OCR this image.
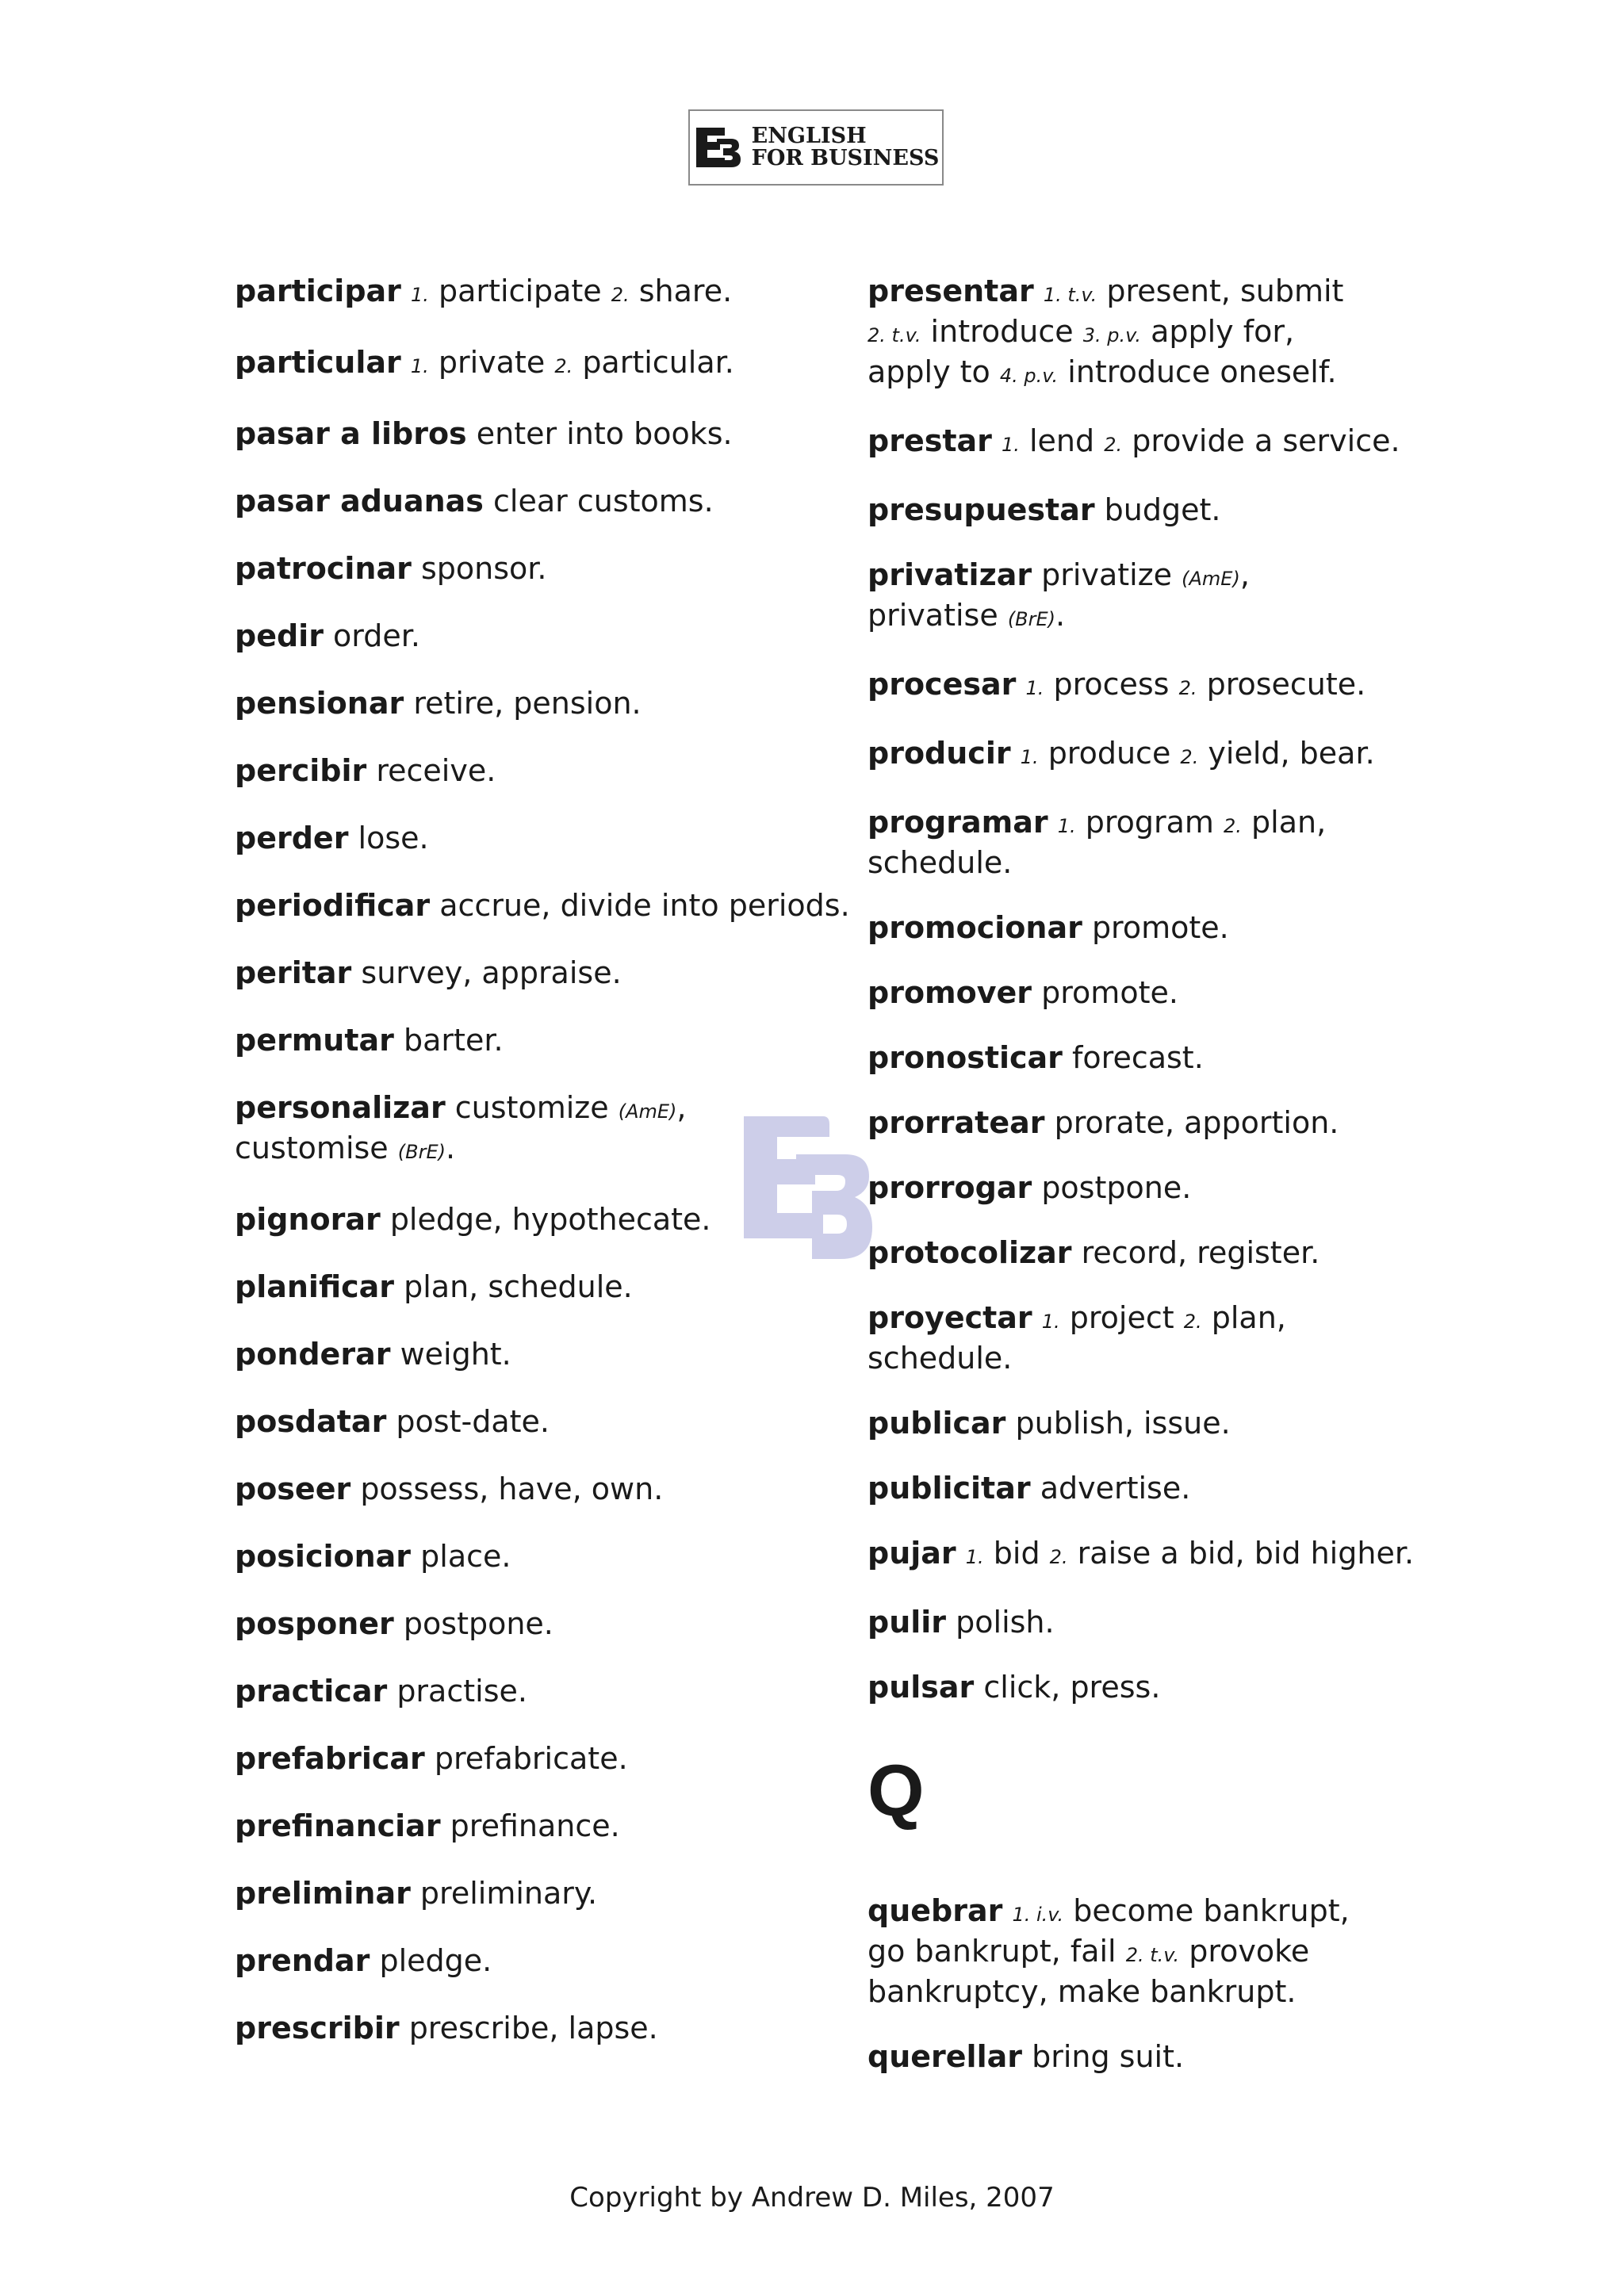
ENGLISH
FOR BUSINESS
participar 1. participate 2. share.
particular 1. private 2. particular.
pasar a libros enter into books.
pasar aduanas clear customs.
patrocinar sponsor.
pedir order.
pensionar retire, pension.
percibir receive.
perder lose.
periodificar accrue, divide into periods.
peritar survey, appraise.
permutar barter.
personalizar customize (AmE),
customise (BrE).
pignorar pledge, hypothecate.
planificar plan, schedule.
ponderar weight.
posdatar post-date.
poseer possess, have, own.
posicionar place.
posponer postpone.
practicar practise.
prefabricar prefabricate.
prefinanciar prefinance.
preliminar preliminary.
prendar pledge.
prescribir prescribe, lapse.
presentar 1. t.v. present, submit
2. t.v. introduce 3. p.v. apply for,
apply to 4. p.v. introduce oneself.
prestar 1. lend 2. provide a service.
presupuestar budget.
privatizar privatize (AmE),
privatise (BrE).
procesar 1. process 2. prosecute.
producir 1. produce 2. yield, bear.
programar 1. program 2. plan,
schedule.
promocionar promote.
promover promote.
pronosticar forecast.
prorratear prorate, apportion.
prorrogar postpone.
protocolizar record, register.
proyectar 1. project 2. plan,
schedule.
publicar publish, issue.
publicitar advertise.
pujar 1. bid 2. raise a bid, bid higher.
pulir polish.
pulsar click, press.
Q
quebrar 1. i.v. become bankrupt,
go bankrupt, fail 2. t.v. provoke
bankruptcy, make bankrupt.
querellar bring suit.
Copyright by Andrew D. Miles, 2007
